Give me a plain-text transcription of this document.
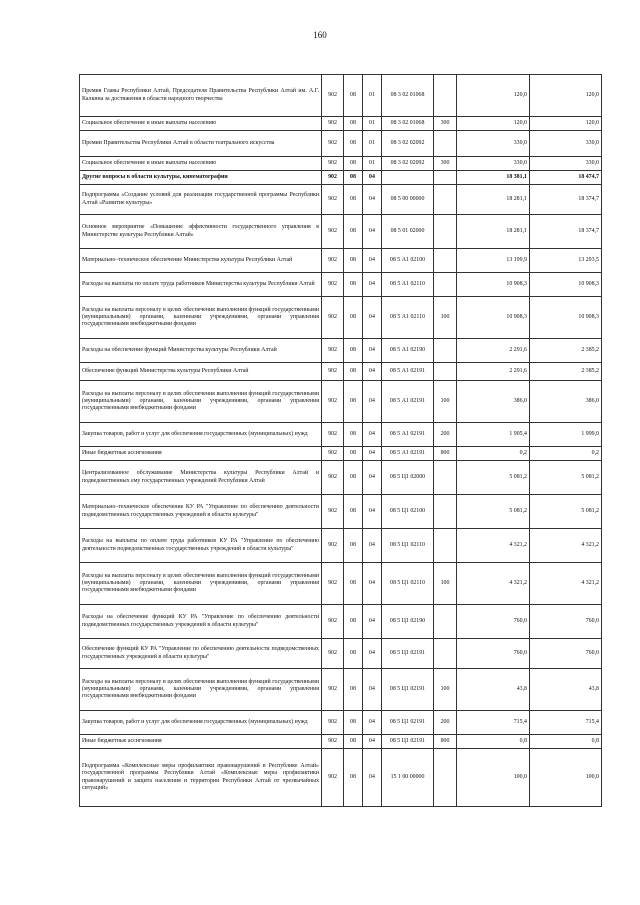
160
Премия Главы Республики Алтай, Председателя Правительства Республики Алтай им. А.Г. Калкина за достижения в области народного творчества	902	08	01	08 3 02 01068		120,0	120,0
Социальное обеспечение и иные выплаты населению	902	08	01	08 3 02 01068	300	120,0	120,0
Премии Правительства Республики Алтай в области театрального искусства	902	08	01	08 3 02 02092		330,0	330,0
Социальное обеспечение и иные выплаты населению	902	08	01	08 3 02 02092	300	330,0	330,0
Другие вопросы в области культуры, кинематографии	902	08	04			18 381,1	18 474,7
Подпрограмма «Создание условий для реализации государственной программы Республики Алтай «Развитие культуры»	902	08	04	08 5 00 00000		18 281,1	18 374,7
Основное мероприятие «Повышение эффективности государственного управления в Министерстве культуры Республики Алтай»	902	08	04	08 5 01 02000		18 281,1	18 374,7
Материально–техническое обеспечение Министерства культуры Республики Алтай	902	08	04	08 5 А1 02100		13 199,9	13 293,5
Расходы на выплаты по оплате труда работников Министерства культуры Республики Алтай	902	08	04	08 5 А1 02110		10 908,3	10 908,3
Расходы на выплаты персоналу в целях обеспечения выполнения функций государственными (муниципальными) органами, казенными учреждениями, органами управления государственными внебюджетными фондами	902	08	04	08 5 А1 02110	100	10 908,3	10 908,3
Расходы на обеспечение функций Министерства культуры Республики Алтай	902	08	04	08 5 А1 02190		2 291,6	2 385,2
Обеспечение функций Министерства культуры Республики Алтай	902	08	04	08 5 А1 02191		2 291,6	2 385,2
Расходы на выплаты персоналу в целях обеспечения выполнения функций государственными (муниципальными) органами, казенными учреждениями, органами управления государственными внебюджетными фондами	902	08	04	08 5 А1 02191	100	386,0	386,0
Закупка товаров, работ и услуг для обеспечения государственных (муниципальных) нужд	902	08	04	08 5 А1 02191	200	1 905,4	1 999,0
Иные бюджетные ассигнования	902	08	04	08 5 А1 02191	800	0,2	0,2
Централизованное обслуживание Министерства культуры Республики Алтай и подведомственных ему государственных учреждений Республики Алтай	902	08	04	08 5 Ц1 02000		5 081,2	5 081,2
Материально–техническое обеспечение КУ РА "Управление по обеспечению деятельности подведомственных государственных учреждений в области культуры"	902	08	04	08 5 Ц1 02100		5 081,2	5 081,2
Расходы на выплаты по оплате труда работников КУ РА "Управление по обеспечению деятельности подведомственных государственных учреждений в области культуры"	902	08	04	08 5 Ц1 02110		4 321,2	4 321,2
Расходы на выплаты персоналу в целях обеспечения выполнения функций государственными (муниципальными) органами, казенными учреждениями, органами управления государственными внебюджетными фондами	902	08	04	08 5 Ц1 02110	100	4 321,2	4 321,2
Расходы на обеспечение функций КУ РА "Управление по обеспечению деятельности подведомственных государственных учреждений в области культуры"	902	08	04	08 5 Ц1 02190		760,0	760,0
Обеспечение функций КУ РА "Управление по обеспечению деятельности подведомственных государственных учреждений в области культуры"	902	08	04	08 5 Ц1 02191		760,0	760,0
Расходы на выплаты персоналу в целях обеспечения выполнения функций государственными (муниципальными) органами, казенными учреждениями, органами управления государственными внебюджетными фондами	902	08	04	08 5 Ц1 02191	100	43,8	43,8
Закупка товаров, работ и услуг для обеспечения государственных (муниципальных) нужд	902	08	04	08 5 Ц1 02191	200	715,4	715,4
Иные бюджетные ассигнования	902	08	04	08 5 Ц1 02191	800	0,8	0,8
Подпрограмма «Комплексные меры профилактики правонарушений в Республике Алтай» государственной программы Республики Алтай «Комплексные меры профилактики правонарушений и защита населения и территории Республики Алтай от чрезвычайных ситуаций»	902	08	04	15 1 00 00000		100,0	100,0
